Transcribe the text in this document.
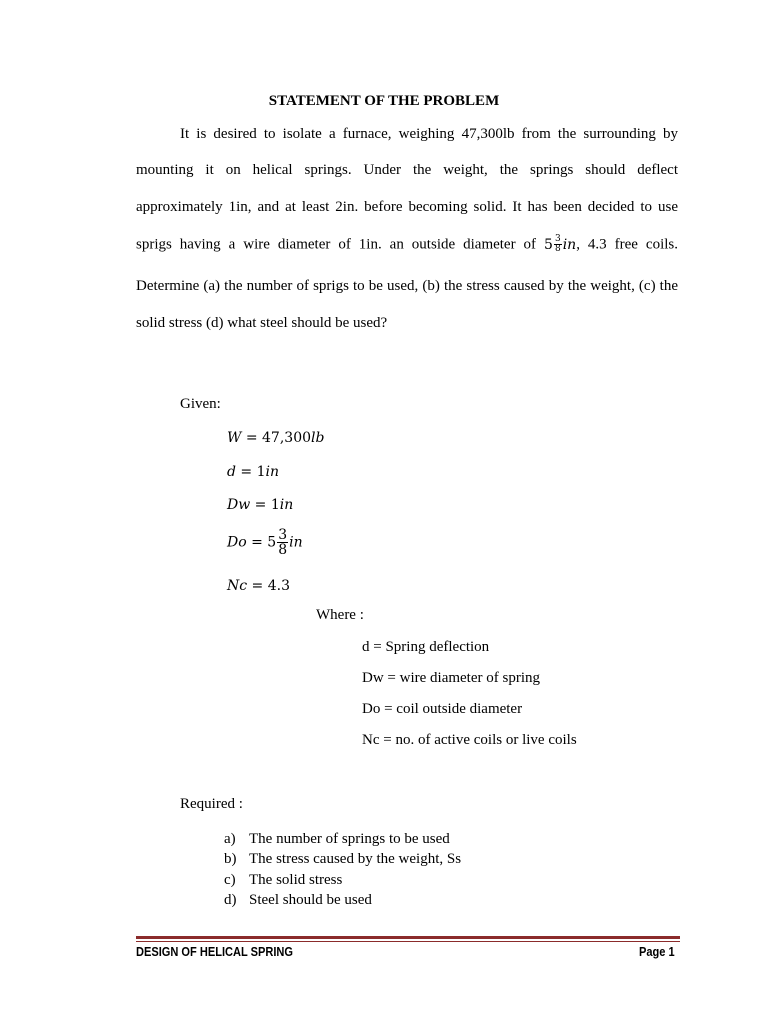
STATEMENT OF THE PROBLEM
It is desired to isolate a furnace, weighing 47,300lb from the surrounding by
mounting it on helical springs. Under the weight, the springs should deflect
approximately 1in, and at least 2in. before becoming solid. It has been decided to use
sprigs having a wire diameter of 1in. an outside diameter of $5 \frac{3}{8}$ in, 4.3 free coils.
Determine (a) the number of sprigs to be used, (b) the stress caused by the weight, (c) the
solid stress (d) what steel should be used?
Given:
W = 47,300lb
d = 1in
Dw = 1in
$Do = 5 \frac{3}{8}$ in
Nc = 4.3
Where :
d = Spring deflection
Dw = wire diameter of spring
Do = coil outside diameter
Nc = no. of active coils or live coils
Required :
a) The number of springs to be used
b) The stress caused by the weight, Ss
c) The solid stress
d) Steel should be used
DESIGN OF HELICAL SPRING	Page 1
